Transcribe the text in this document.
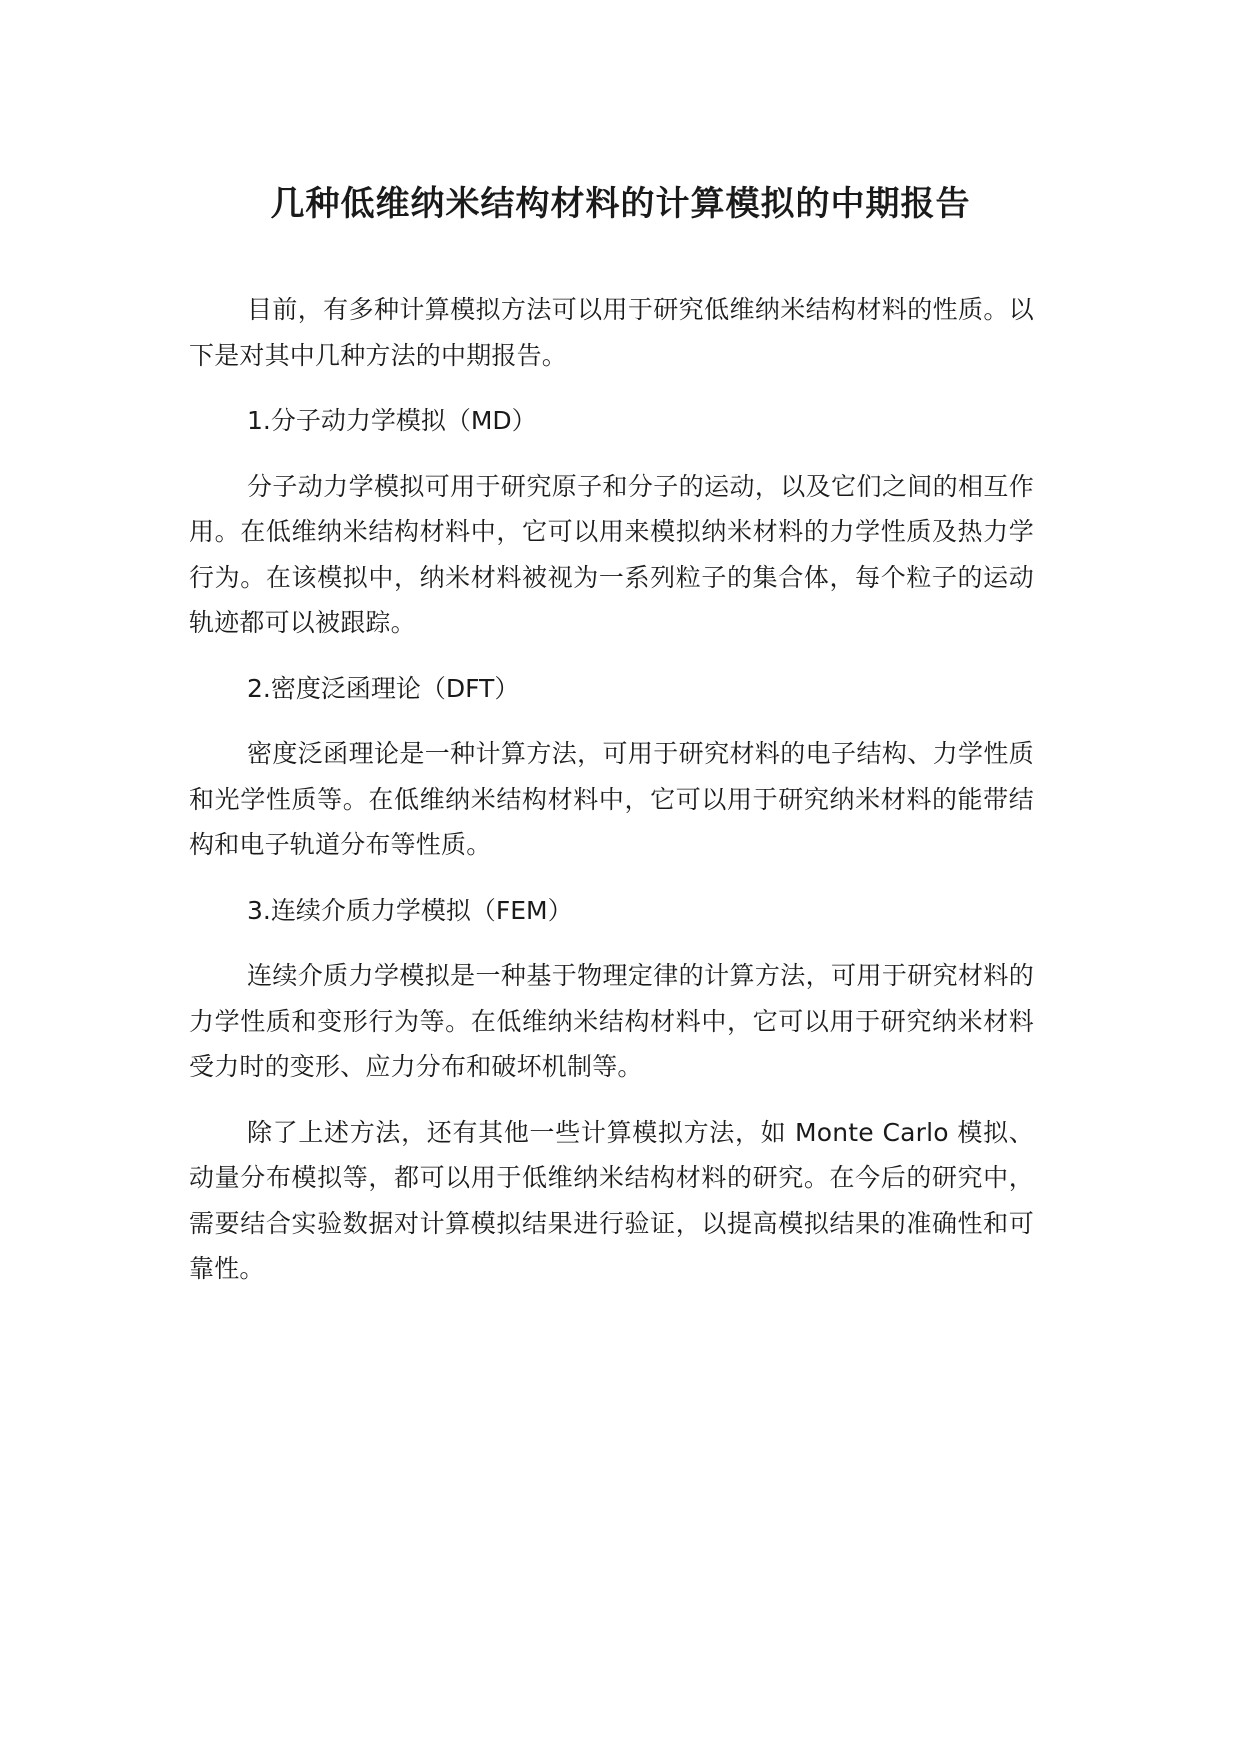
几种低维纳米结构材料的计算模拟的中期报告

目前，有多种计算模拟方法可以用于研究低维纳米结构材料的性质。以下是对其中几种方法的中期报告。

1.分子动力学模拟（MD）

分子动力学模拟可用于研究原子和分子的运动，以及它们之间的相互作用。在低维纳米结构材料中，它可以用来模拟纳米材料的力学性质及热力学行为。在该模拟中，纳米材料被视为一系列粒子的集合体，每个粒子的运动轨迹都可以被跟踪。

2.密度泛函理论（DFT）

密度泛函理论是一种计算方法，可用于研究材料的电子结构、力学性质和光学性质等。在低维纳米结构材料中，它可以用于研究纳米材料的能带结构和电子轨道分布等性质。

3.连续介质力学模拟（FEM）

连续介质力学模拟是一种基于物理定律的计算方法，可用于研究材料的力学性质和变形行为等。在低维纳米结构材料中，它可以用于研究纳米材料受力时的变形、应力分布和破坏机制等。

除了上述方法，还有其他一些计算模拟方法，如 Monte Carlo 模拟、动量分布模拟等，都可以用于低维纳米结构材料的研究。在今后的研究中，需要结合实验数据对计算模拟结果进行验证，以提高模拟结果的准确性和可靠性。
